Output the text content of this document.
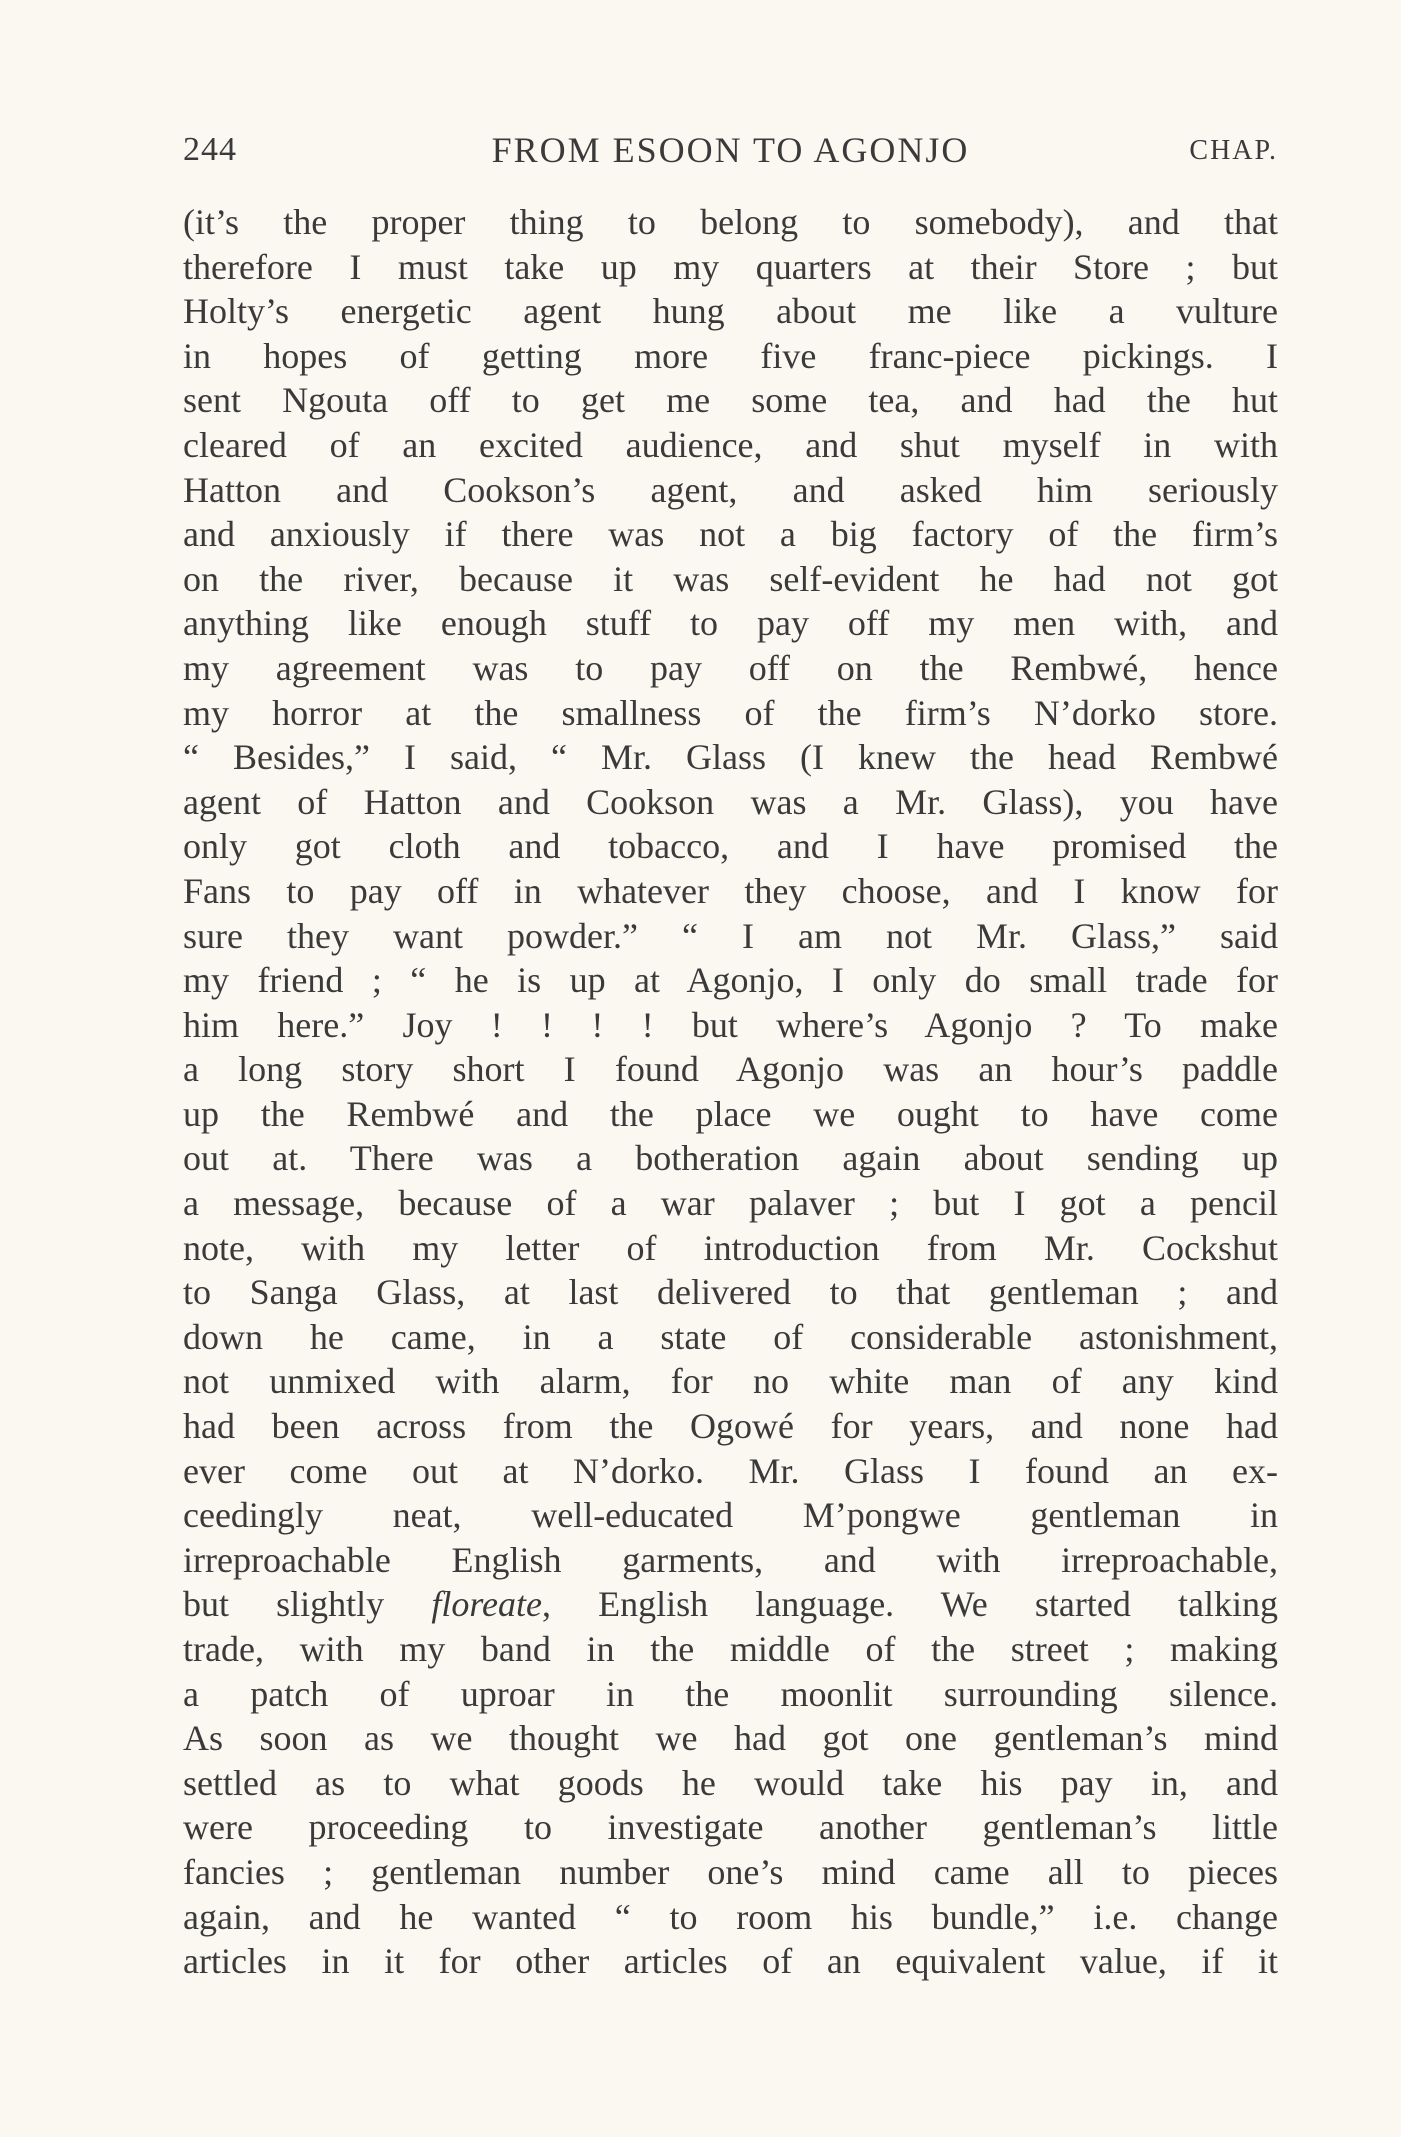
244	FROM ESOON TO AGONJO	CHAP.
(it’s the proper thing to belong to somebody), and that
therefore I must take up my quarters at their Store ; but
Holty’s energetic agent hung about me like a vulture
in hopes of getting more five franc-piece pickings. I
sent Ngouta off to get me some tea, and had the hut
cleared of an excited audience, and shut myself in with
Hatton and Cookson’s agent, and asked him seriously
and anxiously if there was not a big factory of the firm’s
on the river, because it was self-evident he had not got
anything like enough stuff to pay off my men with, and
my agreement was to pay off on the Rembwé, hence
my horror at the smallness of the firm’s N’dorko store.
“ Besides,” I said, “ Mr. Glass (I knew the head Rembwé
agent of Hatton and Cookson was a Mr. Glass), you have
only got cloth and tobacco, and I have promised the
Fans to pay off in whatever they choose, and I know for
sure they want powder.” “ I am not Mr. Glass,” said
my friend ; “ he is up at Agonjo, I only do small trade for
him here.” Joy ! ! ! ! but where’s Agonjo ? To make
a long story short I found Agonjo was an hour’s paddle
up the Rembwé and the place we ought to have come
out at. There was a botheration again about sending up
a message, because of a war palaver ; but I got a pencil
note, with my letter of introduction from Mr. Cockshut
to Sanga Glass, at last delivered to that gentleman ; and
down he came, in a state of considerable astonishment,
not unmixed with alarm, for no white man of any kind
had been across from the Ogowé for years, and none had
ever come out at N’dorko. Mr. Glass I found an ex-
ceedingly neat, well-educated M’pongwe gentleman in
irreproachable English garments, and with irreproachable,
but slightly floreate, English language. We started talking
trade, with my band in the middle of the street ; making
a patch of uproar in the moonlit surrounding silence.
As soon as we thought we had got one gentleman’s mind
settled as to what goods he would take his pay in, and
were proceeding to investigate another gentleman’s little
fancies ; gentleman number one’s mind came all to pieces
again, and he wanted “ to room his bundle,” i.e. change
articles in it for other articles of an equivalent value, if it
